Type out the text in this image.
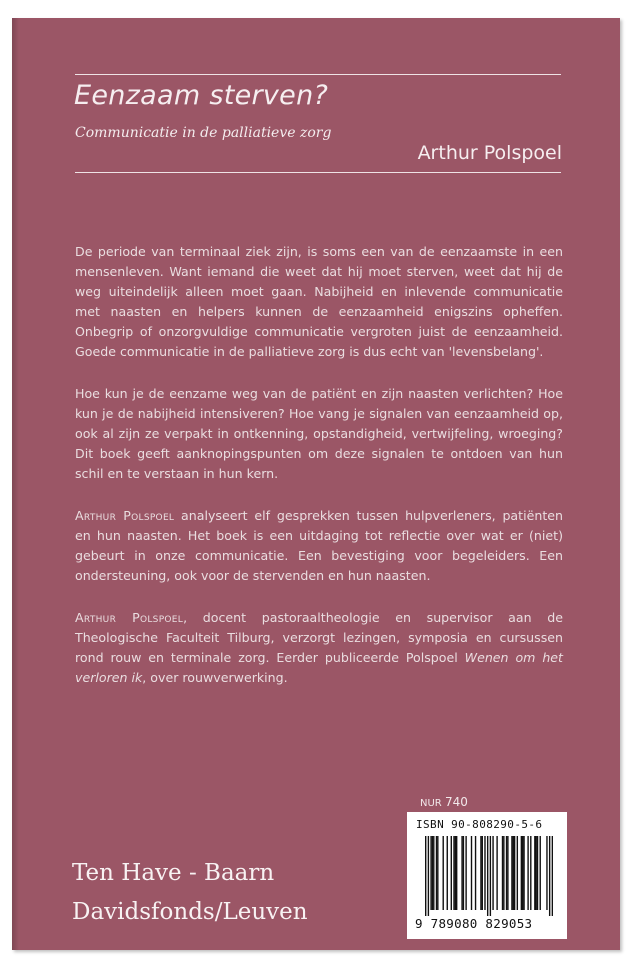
Eenzaam sterven?
Communicatie in de palliatieve zorg
Arthur Polspoel

De periode van terminaal ziek zijn, is soms een van de eenzaamste in een mensenleven. Want iemand die weet dat hij moet sterven, weet dat hij de weg uiteindelijk alleen moet gaan. Nabijheid en inlevende communicatie met naasten en helpers kunnen de eenzaamheid enigszins opheffen. Onbegrip of onzorgvuldige communicatie vergroten juist de eenzaamheid. Goede communicatie in de palliatieve zorg is dus echt van 'levensbelang'.

Hoe kun je de eenzame weg van de patiënt en zijn naasten verlichten? Hoe kun je de nabijheid intensiveren? Hoe vang je signalen van eenzaamheid op, ook al zijn ze verpakt in ontkenning, opstandigheid, vertwijfeling, wroeging? Dit boek geeft aanknopingspunten om deze signalen te ontdoen van hun schil en te verstaan in hun kern.

Arthur Polspoel analyseert elf gesprekken tussen hulpverleners, patiënten en hun naasten. Het boek is een uitdaging tot reflectie over wat er (niet) gebeurt in onze communicatie. Een bevestiging voor begeleiders. Een ondersteuning, ook voor de stervenden en hun naasten.

Arthur Polspoel, docent pastoraaltheologie en supervisor aan de Theologische Faculteit Tilburg, verzorgt lezingen, symposia en cursussen rond rouw en terminale zorg. Eerder publiceerde Polspoel Wenen om het verloren ik, over rouwverwerking.

NUR 740
ISBN 90-808290-5-6
9 789080 829053
Ten Have - Baarn
Davidsfonds/Leuven
